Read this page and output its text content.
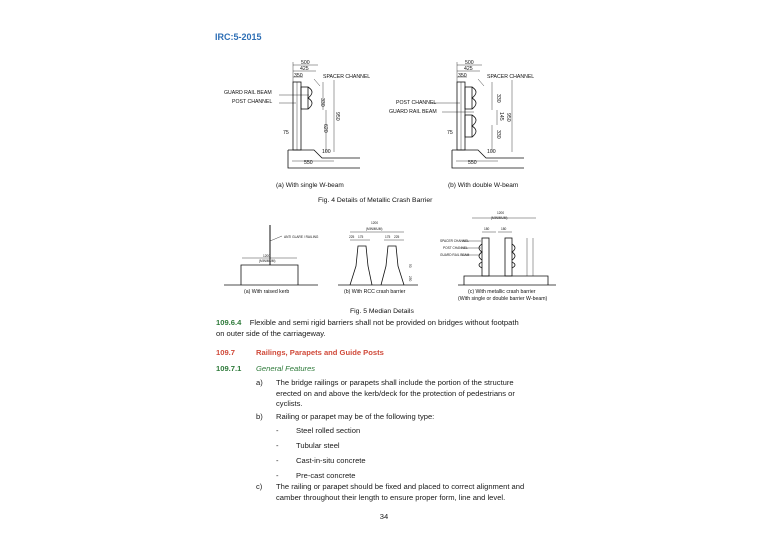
IRC:5-2015
500
425
350	SPACER CHANNEL
GUARD RAIL BEAM
POST CHANNEL	330
620
950
75
100
550
(a) With single W-beam
500
425
350	SPACER CHANNEL
POST CHANNEL
GUARD RAIL BEAM
330
145
330
950
75
100
550
(b) With double W-beam
Fig. 4 Details of Metallic Crash Barrier
ANTI GLARE / RAILING
1200
(MINIMUM)
(a) With raised kerb
1200
(MINIMUM)
225 175	175 225
250
50
(b) With RCC crash barrier
1200
(MINIMUM)
180	180
SPACER CHANNEL
POST CHANNEL
GUARD RAIL BEAM
(c) With metallic crash barrier
(With single or double barrier W-beam)
Fig. 5 Median Details
109.6.4 Flexible and semi rigid barriers shall not be provided on bridges without footpath
on outer side of the carriageway.
109.7	Railings, Parapets and Guide Posts
109.7.1 General Features
a)	The bridge railings or parapets shall include the portion of the structure
erected on and above the kerb/deck for the protection of pedestrians or
cyclists.
b)	Railing or parapet may be of the following type:
-	Steel rolled section
-	Tubular steel
-	Cast-in-situ concrete
-	Pre-cast concrete
c)	The railing or parapet should be fixed and placed to correct alignment and
camber throughout their length to ensure proper form, line and level.
34
